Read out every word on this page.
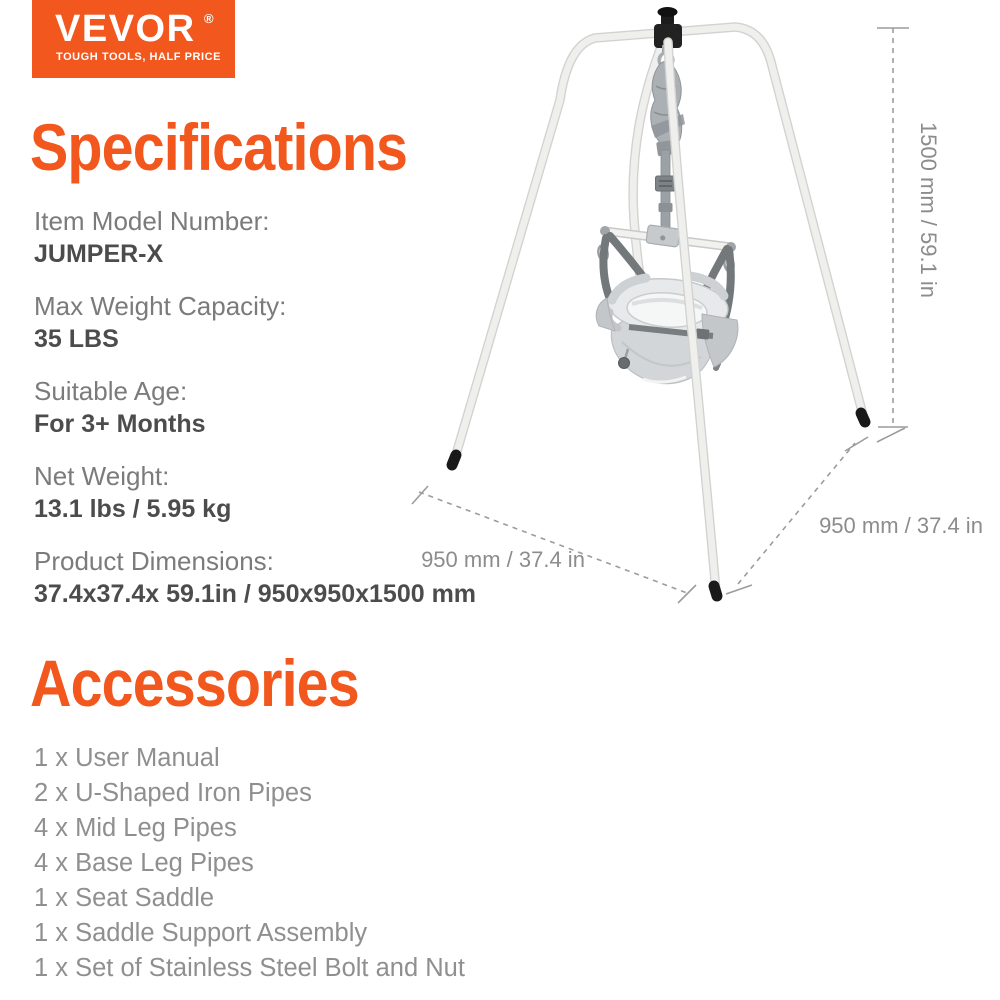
VEVOR ®
TOUGH TOOLS, HALF PRICE
Specifications
Item Model Number:
JUMPER-X
Max Weight Capacity:
35 LBS
Suitable Age:
For 3+ Months
Net Weight:
13.1 lbs / 5.95 kg
Product Dimensions:
37.4x37.4x 59.1in / 950x950x1500 mm
Accessories
1 x User Manual
2 x U-Shaped Iron Pipes
4 x Mid Leg Pipes
4 x Base Leg Pipes
1 x Seat Saddle
1 x Saddle Support Assembly
1 x Set of Stainless Steel Bolt and Nut
1500 mm / 59.1 in
950 mm / 37.4 in
950 mm / 37.4 in
